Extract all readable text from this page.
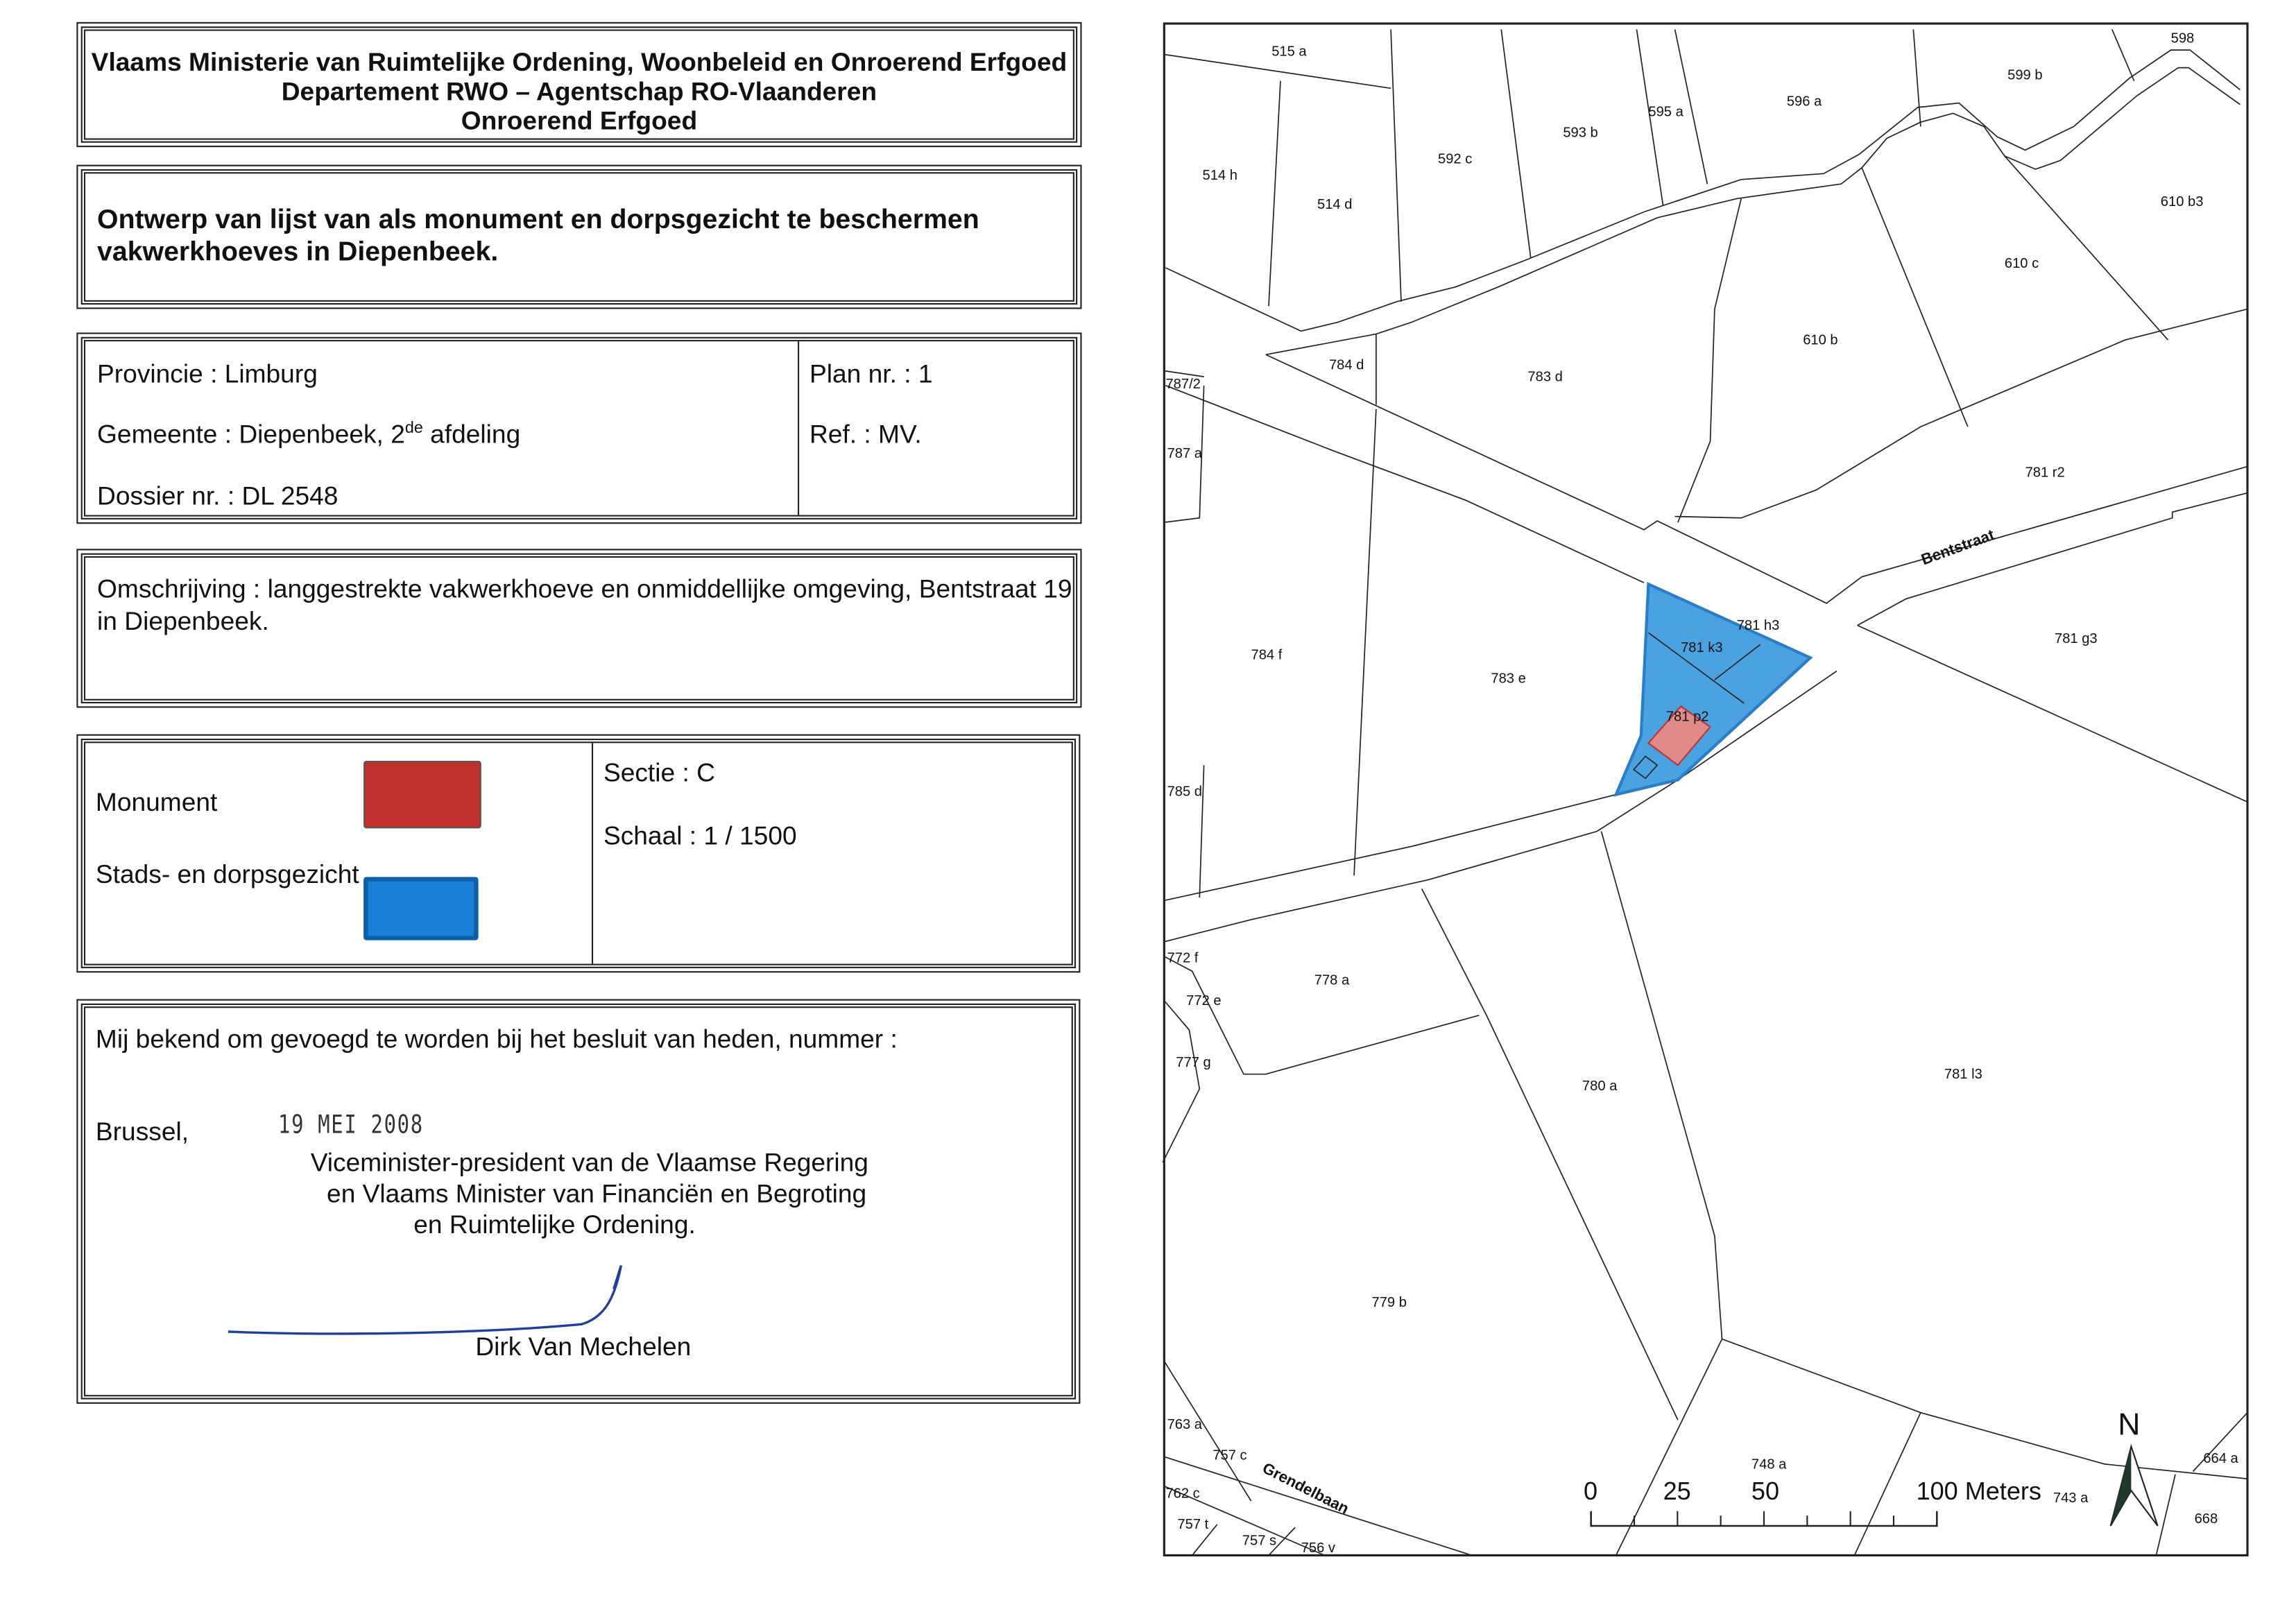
Vlaams Ministerie van Ruimtelijke Ordening, Woonbeleid en Onroerend Erfgoed
Departement RWO – Agentschap RO-Vlaanderen
Onroerend Erfgoed
Ontwerp van lijst van als monument en dorpsgezicht te beschermen
vakwerkhoeves in Diepenbeek.
Provincie : Limburg
Gemeente : Diepenbeek, 2de afdeling
Dossier nr. : DL 2548
Plan nr. : 1
Ref. : MV.
Omschrijving : langgestrekte vakwerkhoeve en onmiddellijke omgeving, Bentstraat 19
in Diepenbeek.
Monument
Stads- en dorpsgezicht
Sectie : C
Schaal : 1 / 1500
Mij bekend om gevoegd te worden bij het besluit van heden, nummer :
Brussel,	19 MEI 2008
Viceminister-president van de Vlaamse Regering
en Vlaams Minister van Financiën en Begroting
en Ruimtelijke Ordening.
Dirk Van Mechelen
515 a
514 h
514 d
592 c
593 b
595 a
596 a
599 b
598
610 b3
610 c
610 b
783 d
784 d
787/2
787 a
781 r2
781 k3
781 h3
781 g3
784 f
783 e
781 p2
785 d
772 f
772 e
778 a
777 g
780 a
781 l3
779 b
763 a
757 c
762 c
757 t
757 s	756 v
748 a
743 a
664 a
668
Bentstraat
Grendelbaan	0	25	50	100 Meters
N
